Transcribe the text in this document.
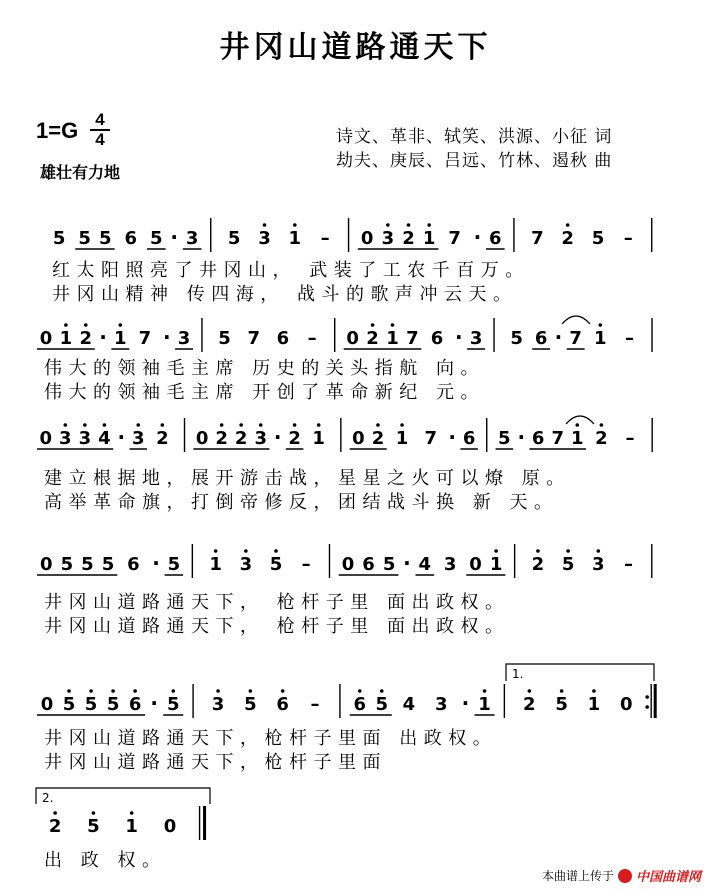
井冈山道路通天下
1=G	4
4
雄壮有力地
诗文、革非、轼笑、洪源、小征 词
劫夫、庚辰、吕远、竹林、遏秋 曲
5 5 5 6 5 · 3 5 3 1 – 0 3 2 1 7 · 6 7 2 5 –
红太阳照亮了井冈山， 武装了工农千百万。
井冈山精神 传四海， 战斗的歌声冲云天。
0 1 2 · 1 7 · 3 5 7 6 – 0 2 1 7 6 · 3 5 6 · 7 1 –
伟大的领袖毛主席 历史的关头指航 向。
伟大的领袖毛主席 开创了革命新纪 元。
0 3 3 4 · 3 2 0 2 2 3 · 2 1 0 2 1 7 · 6 5 · 6 7 1 2 –
建立根据地，展开游击战，星星之火可以燎 原。
高举革命旗，打倒帝修反，团结战斗换 新 天。
0 5 5 5 6 · 5 1 3 5 – 0 6 5 · 4 3 0 1 2 5 3 –
井冈山道路通天下， 枪杆子里 面出政权。
井冈山道路通天下， 枪杆子里 面出政权。
0 5 5 5 6 · 5 3 5 6 – 6 5 4 3 · 1 2 5 1 0
井冈山道路通天下，枪杆子里面 出政权。
井冈山道路通天下，枪杆子里面
2 5 1 0
出 政 权。
1.
2.
本曲谱上传于 中国曲谱网
